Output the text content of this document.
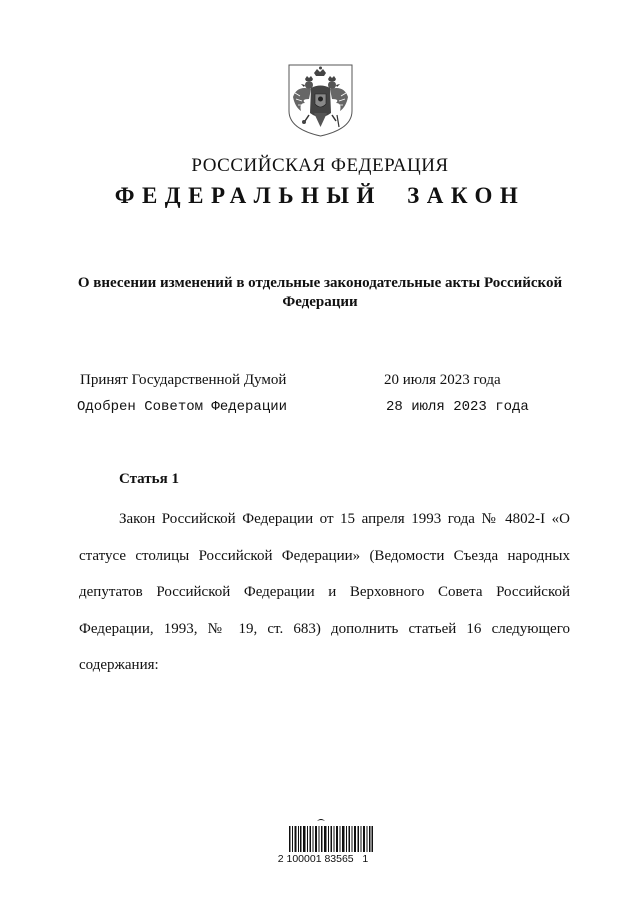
РОССИЙСКАЯ ФЕДЕРАЦИЯ
ФЕДЕРАЛЬНЫЙ ЗАКОН
О внесении изменений в отдельные законодательные акты Российской Федерации
Принят Государственной Думой	20 июля 2023 года
Одобрен Советом Федерации	28 июля 2023 года
Статья 1
Закон Российской Федерации от 15 апреля 1993 года № 4802-I «О статусе столицы Российской Федерации» (Ведомости Съезда народных депутатов Российской Федерации и Верховного Совета Российской Федерации, 1993, № 19, ст. 683) дополнить статьей 16 следующего содержания:
2 100001 83565   1
